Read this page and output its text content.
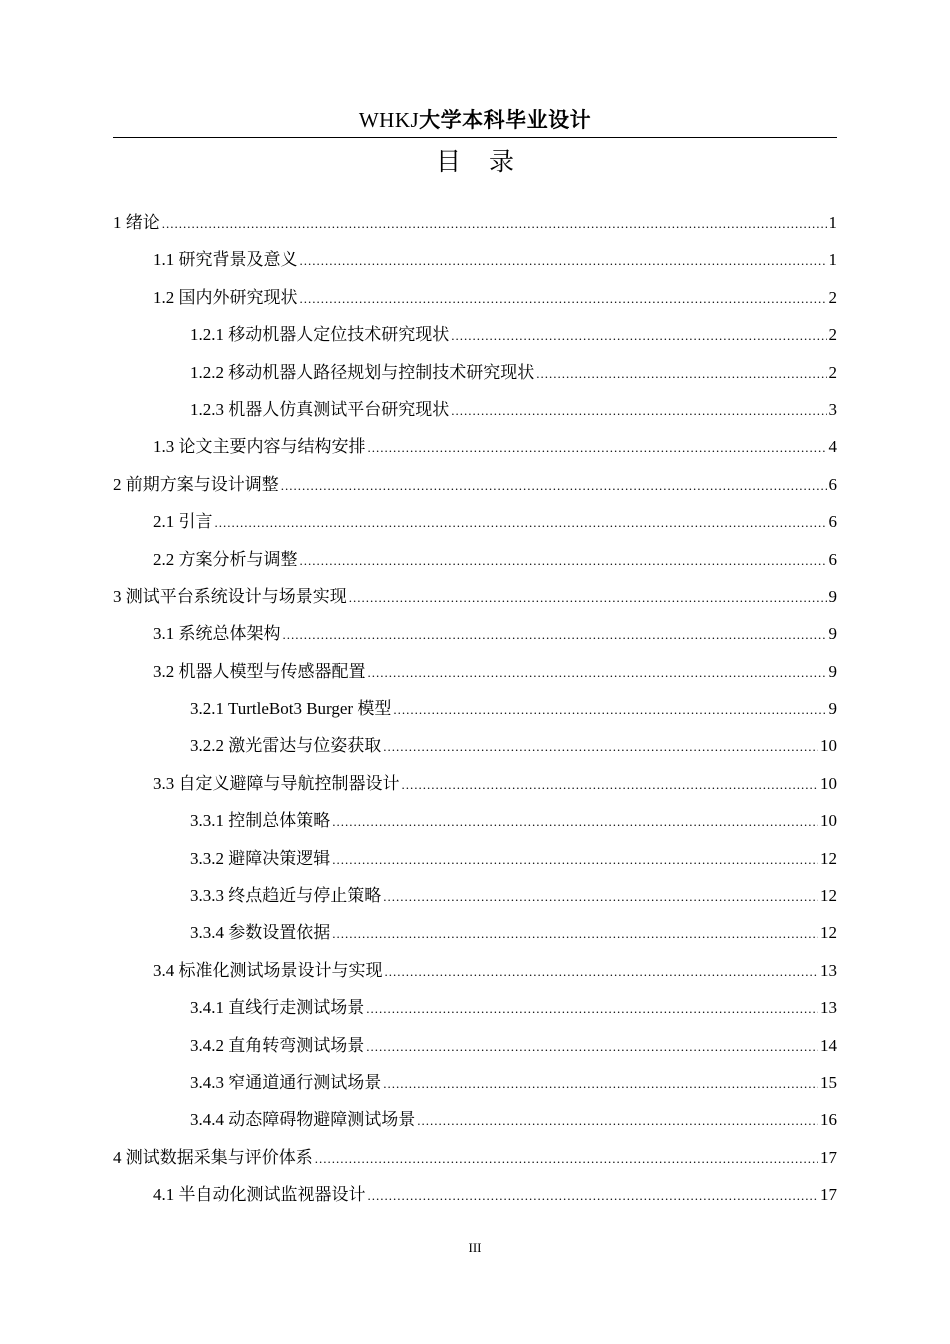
WHKJ大学本科毕业设计
目录
1 绪论 .....	1
1.1 研究背景及意义 .....	1
1.2 国内外研究现状 .....	2
1.2.1 移动机器人定位技术研究现状 .....	2
1.2.2 移动机器人路径规划与控制技术研究现状 .....	2
1.2.3 机器人仿真测试平台研究现状 .....	3
1.3 论文主要内容与结构安排 .....	4
2 前期方案与设计调整 .....	6
2.1 引言 .....	6
2.2 方案分析与调整 .....	6
3 测试平台系统设计与场景实现 .....	9
3.1 系统总体架构 .....	9
3.2 机器人模型与传感器配置 .....	9
3.2.1 TurtleBot3 Burger 模型 .....	9
3.2.2 激光雷达与位姿获取 .....	10
3.3 自定义避障与导航控制器设计 .....	10
3.3.1 控制总体策略 .....	10
3.3.2 避障决策逻辑 .....	12
3.3.3 终点趋近与停止策略 .....	12
3.3.4 参数设置依据 .....	12
3.4 标准化测试场景设计与实现 .....	13
3.4.1 直线行走测试场景 .....	13
3.4.2 直角转弯测试场景 .....	14
3.4.3 窄通道通行测试场景 .....	15
3.4.4 动态障碍物避障测试场景 .....	16
4 测试数据采集与评价体系 .....	17
4.1 半自动化测试监视器设计 .....	17
III
